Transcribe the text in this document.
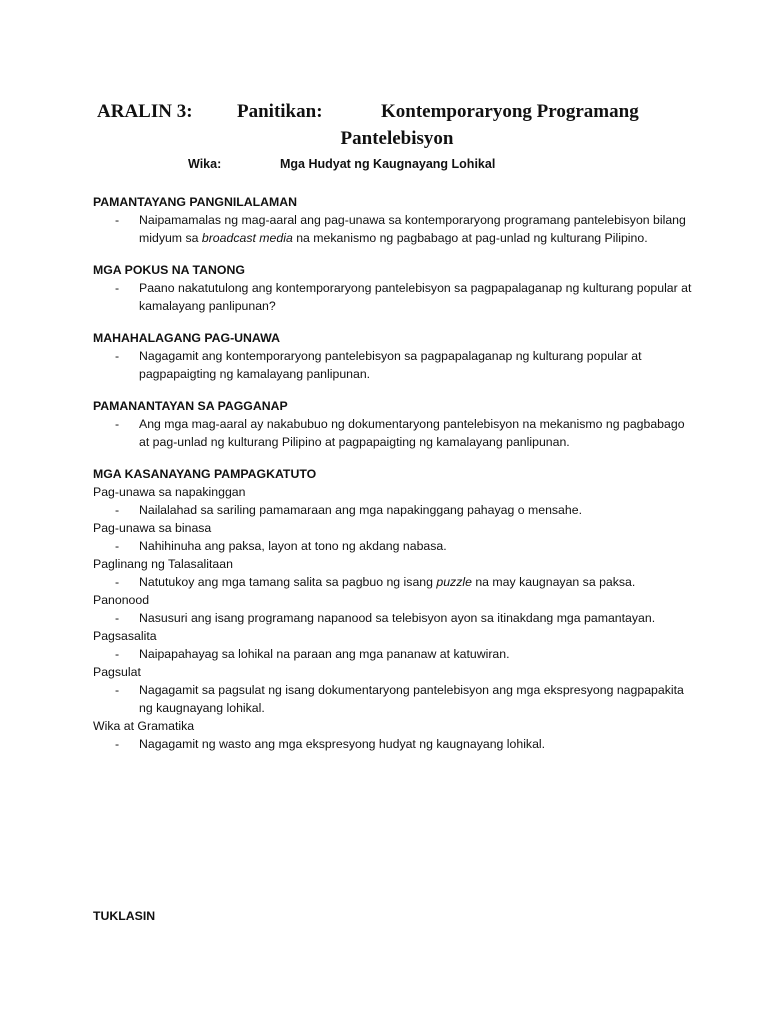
ARALIN 3: Panitikan:	Kontemporaryong Programang
Pantelebisyon
Wika:	Mga Hudyat ng Kaugnayang Lohikal
PAMANTAYANG PANGNILALAMAN
- Naipamamalas ng mag-aaral ang pag-unawa sa kontemporaryong programang pantelebisyon bilang midyum sa broadcast media na mekanismo ng pagbabago at pag-unlad ng kulturang Pilipino.
MGA POKUS NA TANONG
- Paano nakatutulong ang kontemporaryong pantelebisyon sa pagpapalaganap ng kulturang popular at kamalayang panlipunan?
MAHAHALAGANG PAG-UNAWA
- Nagagamit ang kontemporaryong pantelebisyon sa pagpapalaganap ng kulturang popular at pagpapaigting ng kamalayang panlipunan.
PAMANANTAYAN SA PAGGANAP
- Ang mga mag-aaral ay nakabubuo ng dokumentaryong pantelebisyon na mekanismo ng pagbabago at pag-unlad ng kulturang Pilipino at pagpapaigting ng kamalayang panlipunan.
MGA KASANAYANG PAMPAGKATUTO
Pag-unawa sa napakinggan
- Nailalahad sa sariling pamamaraan ang mga napakinggang pahayag o mensahe.
Pag-unawa sa binasa
- Nahihinuha ang paksa, layon at tono ng akdang nabasa.
Paglinang ng Talasalitaan
- Natutukoy ang mga tamang salita sa pagbuo ng isang puzzle na may kaugnayan sa paksa.
Panonood
- Nasusuri ang isang programang napanood sa telebisyon ayon sa itinakdang mga pamantayan.
Pagsasalita
- Naipapahayag sa lohikal na paraan ang mga pananaw at katuwiran.
Pagsulat
- Nagagamit sa pagsulat ng isang dokumentaryong pantelebisyon ang mga ekspresyong nagpapakita ng kaugnayang lohikal.
Wika at Gramatika
- Nagagamit ng wasto ang mga ekspresyong hudyat ng kaugnayang lohikal.
TUKLASIN
